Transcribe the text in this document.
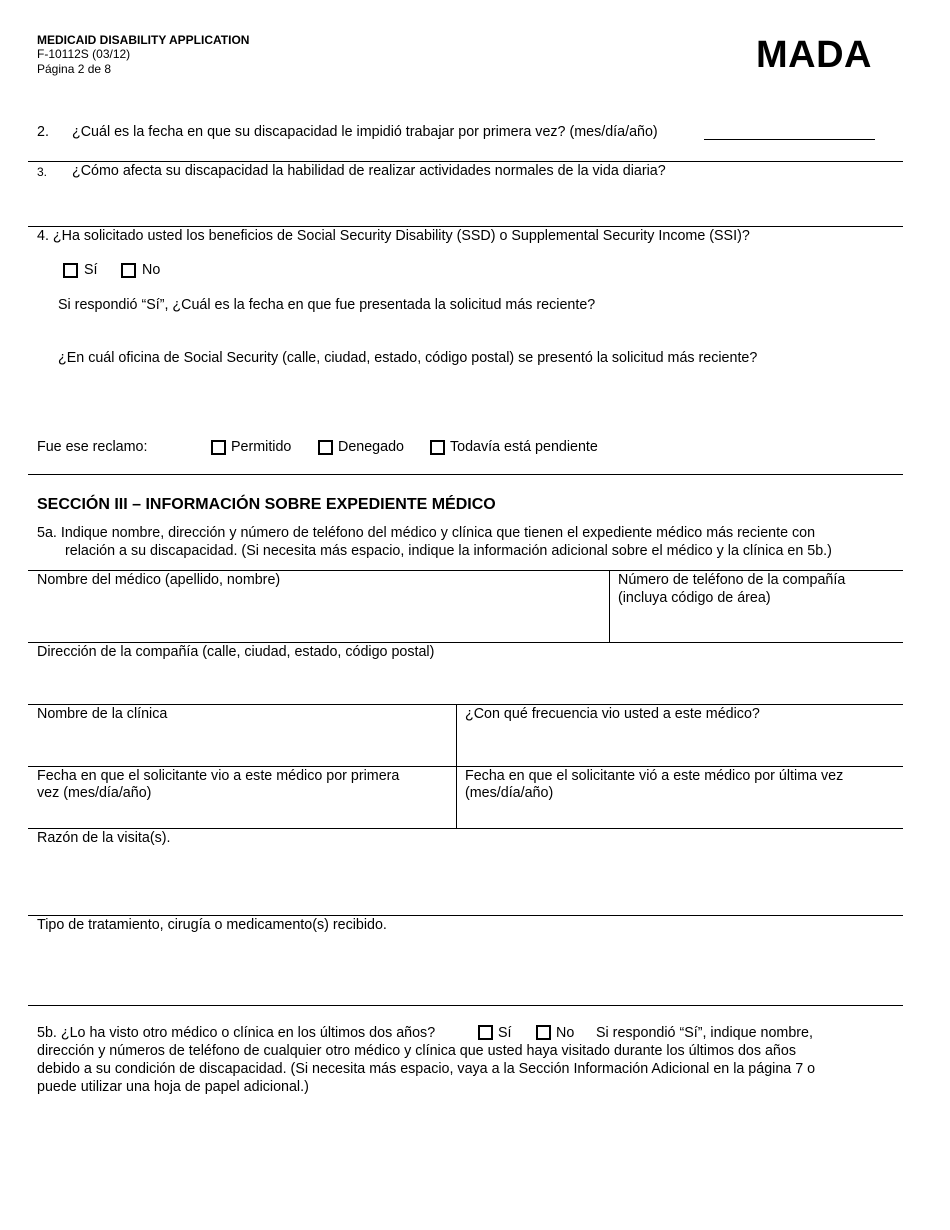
MEDICAID DISABILITY APPLICATION
F-10112S (03/12)
Página 2 de 8	MADA
2. ¿Cuál es la fecha en que su discapacidad le impidió trabajar por primera vez? (mes/día/año)
3. ¿Cómo afecta su discapacidad la habilidad de realizar actividades normales de la vida diaria?
4. ¿Ha solicitado usted los beneficios de Social Security Disability (SSD) o Supplemental Security Income (SSI)?
Sí	No
Si respondió “Sí”, ¿Cuál es la fecha en que fue presentada la solicitud más reciente?
¿En cuál oficina de Social Security (calle, ciudad, estado, código postal) se presentó la solicitud más reciente?
Fue ese reclamo:	Permitido	Denegado	Todavía está pendiente
SECCIÓN III – INFORMACIÓN SOBRE EXPEDIENTE MÉDICO
5a. Indique nombre, dirección y número de teléfono del médico y clínica que tienen el expediente médico más reciente con
relación a su discapacidad. (Si necesita más espacio, indique la información adicional sobre el médico y la clínica en 5b.)
Nombre del médico (apellido, nombre)	Número de teléfono de la compañía
(incluya código de área)
Dirección de la compañía (calle, ciudad, estado, código postal)
Nombre de la clínica	¿Con qué frecuencia vio usted a este médico?
Fecha en que el solicitante vio a este médico por primera
vez (mes/día/año)
Fecha en que el solicitante vió a este médico por última vez
(mes/día/año)
Razón de la visita(s).
Tipo de tratamiento, cirugía o medicamento(s) recibido.
5b. ¿Lo ha visto otro médico o clínica en los últimos dos años?	Sí	No Si respondió “Sí”, indique nombre,
dirección y números de teléfono de cualquier otro médico y clínica que usted haya visitado durante los últimos dos años
debido a su condición de discapacidad. (Si necesita más espacio, vaya a la Sección Información Adicional en la página 7 o
puede utilizar una hoja de papel adicional.)
